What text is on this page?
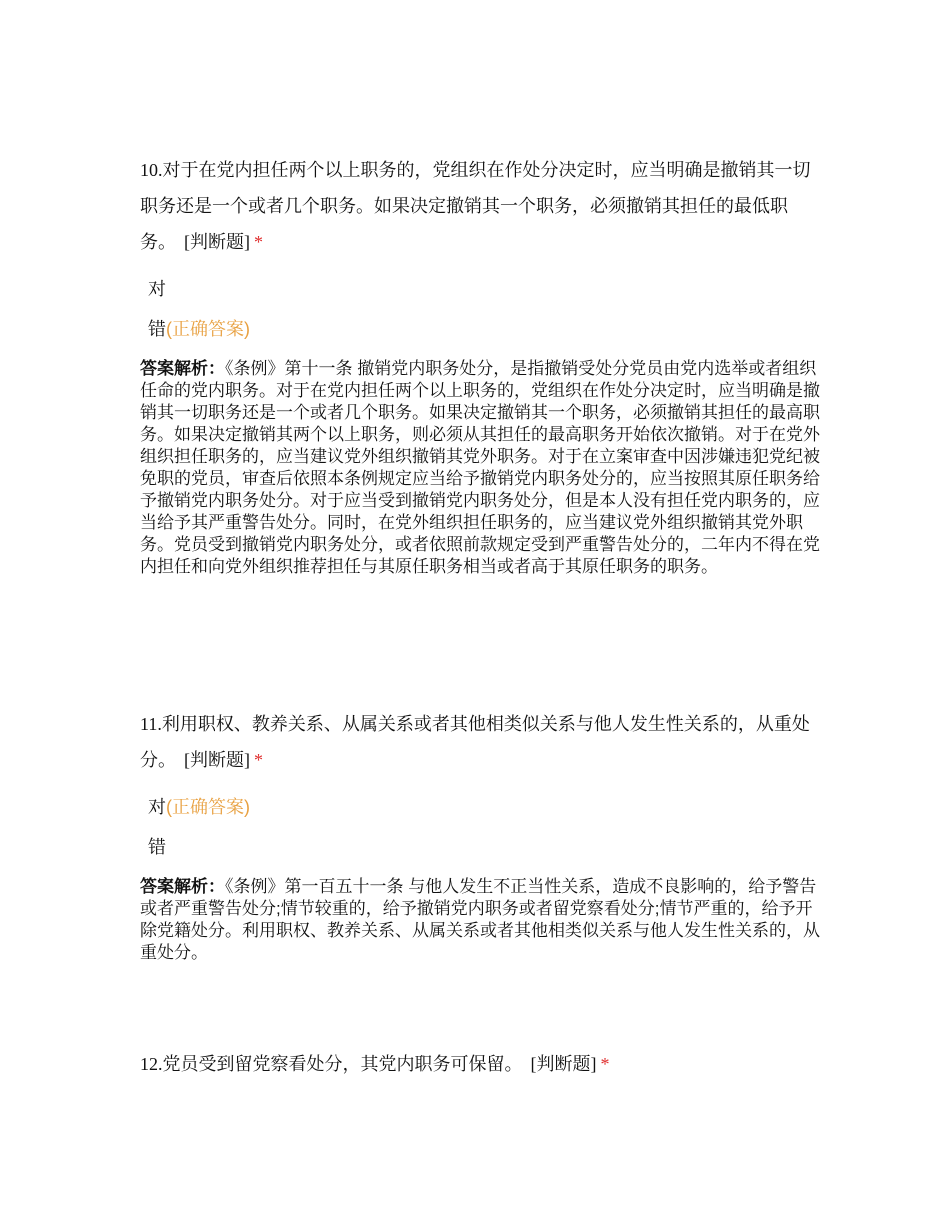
10.对于在党内担任两个以上职务的，党组织在作处分决定时，应当明确是撤销其一切职务还是一个或者几个职务。如果决定撤销其一个职务，必须撤销其担任的最低职务。 [判断题] *

对

错(正确答案)

答案解析：《条例》第十一条 撤销党内职务处分，是指撤销受处分党员由党内选举或者组织任命的党内职务。对于在党内担任两个以上职务的，党组织在作处分决定时，应当明确是撤销其一切职务还是一个或者几个职务。如果决定撤销其一个职务，必须撤销其担任的最高职务。如果决定撤销其两个以上职务，则必须从其担任的最高职务开始依次撤销。对于在党外组织担任职务的，应当建议党外组织撤销其党外职务。对于在立案审查中因涉嫌违犯党纪被免职的党员，审查后依照本条例规定应当给予撤销党内职务处分的，应当按照其原任职务给予撤销党内职务处分。对于应当受到撤销党内职务处分，但是本人没有担任党内职务的，应当给予其严重警告处分。同时，在党外组织担任职务的，应当建议党外组织撤销其党外职务。党员受到撤销党内职务处分，或者依照前款规定受到严重警告处分的，二年内不得在党内担任和向党外组织推荐担任与其原任职务相当或者高于其原任职务的职务。

11.利用职权、教养关系、从属关系或者其他相类似关系与他人发生性关系的，从重处分。 [判断题] *

对(正确答案)

错

答案解析：《条例》第一百五十一条 与他人发生不正当性关系，造成不良影响的，给予警告或者严重警告处分;情节较重的，给予撤销党内职务或者留党察看处分;情节严重的，给予开除党籍处分。利用职权、教养关系、从属关系或者其他相类似关系与他人发生性关系的，从重处分。

12.党员受到留党察看处分，其党内职务可保留。 [判断题] *
